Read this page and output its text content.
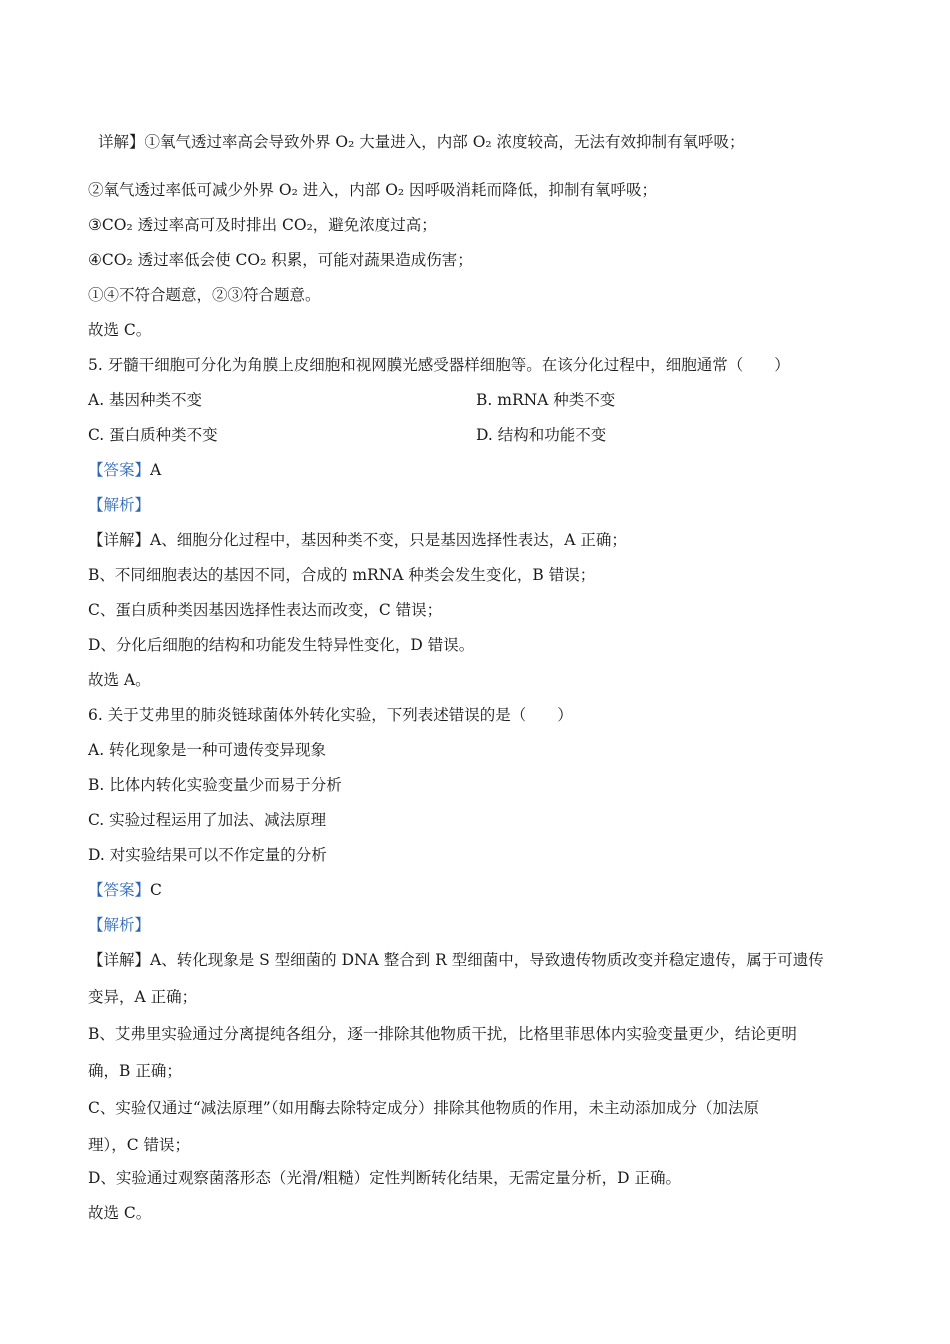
详解】①氧气透过率高会导致外界 O₂ 大量进入，内部 O₂ 浓度较高，无法有效抑制有氧呼吸；
②氧气透过率低可减少外界 O₂ 进入，内部 O₂ 因呼吸消耗而降低，抑制有氧呼吸；
③CO₂ 透过率高可及时排出 CO₂，避免浓度过高；
④CO₂ 透过率低会使 CO₂ 积累，可能对蔬果造成伤害；
①④不符合题意，②③符合题意。
故选 C。
5. 牙髓干细胞可分化为角膜上皮细胞和视网膜光感受器样细胞等。在该分化过程中，细胞通常（　　）
A. 基因种类不变	B. mRNA 种类不变
C. 蛋白质种类不变	D. 结构和功能不变
【答案】A
【解析】
【详解】A、细胞分化过程中，基因种类不变，只是基因选择性表达，A 正确；
B、不同细胞表达的基因不同，合成的 mRNA 种类会发生变化，B 错误；
C、蛋白质种类因基因选择性表达而改变，C 错误；
D、分化后细胞的结构和功能发生特异性变化，D 错误。
故选 A。
6. 关于艾弗里的肺炎链球菌体外转化实验，下列表述错误的是（　　）
A. 转化现象是一种可遗传变异现象
B. 比体内转化实验变量少而易于分析
C. 实验过程运用了加法、减法原理
D. 对实验结果可以不作定量的分析
【答案】C
【解析】
【详解】A、转化现象是 S 型细菌的 DNA 整合到 R 型细菌中，导致遗传物质改变并稳定遗传，属于可遗传
变异，A 正确；
B、艾弗里实验通过分离提纯各组分，逐一排除其他物质干扰，比格里菲思体内实验变量更少，结论更明
确，B 正确；
C、实验仅通过“减法原理”（如用酶去除特定成分）排除其他物质的作用，未主动添加成分（加法原
理），C 错误；
D、实验通过观察菌落形态（光滑/粗糙）定性判断转化结果，无需定量分析，D 正确。
故选 C。
